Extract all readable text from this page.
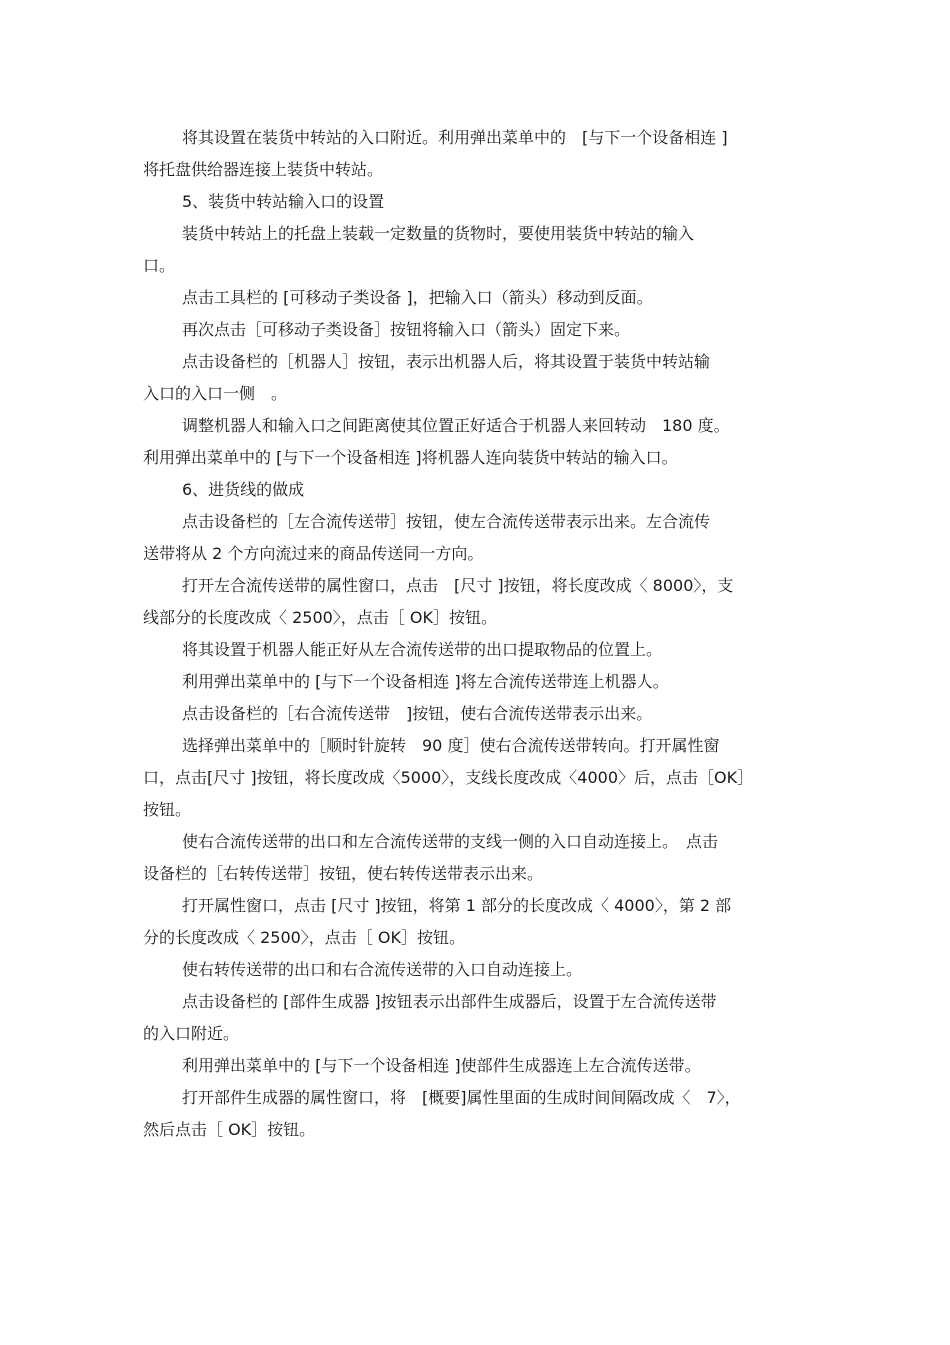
将其设置在装货中转站的入口附近。利用弹出菜单中的　[与下一个设备相连 ]
将托盘供给器连接上装货中转站。

5、装货中转站输入口的设置

装货中转站上的托盘上装载一定数量的货物时，要使用装货中转站的输入
口。

点击工具栏的 [可移动子类设备 ]，把输入口（箭头）移动到反面。

再次点击［可移动子类设备］按钮将输入口（箭头）固定下来。

点击设备栏的［机器人］按钮，表示出机器人后，将其设置于装货中转站输
入口的入口一侧　。

调整机器人和输入口之间距离使其位置正好适合于机器人来回转动　180 度。
利用弹出菜单中的 [与下一个设备相连 ]将机器人连向装货中转站的输入口。

6、进货线的做成

点击设备栏的［左合流传送带］按钮，使左合流传送带表示出来。左合流传
送带将从 2 个方向流过来的商品传送同一方向。

打开左合流传送带的属性窗口，点击　[尺寸 ]按钮，将长度改成〈 8000〉，支
线部分的长度改成〈 2500〉，点击［ OK］按钮。

将其设置于机器人能正好从左合流传送带的出口提取物品的位置上。

利用弹出菜单中的 [与下一个设备相连 ]将左合流传送带连上机器人。

点击设备栏的［右合流传送带　]按钮，使右合流传送带表示出来。

选择弹出菜单中的［顺时针旋转　90 度］使右合流传送带转向。打开属性窗
口，点击[尺寸 ]按钮，将长度改成〈5000〉，支线长度改成〈4000〉后，点击［OK］
按钮。

使右合流传送带的出口和左合流传送带的支线一侧的入口自动连接上。　点击
设备栏的［右转传送带］按钮，使右转传送带表示出来。

打开属性窗口，点击 [尺寸 ]按钮，将第 1 部分的长度改成〈 4000〉，第 2 部
分的长度改成〈 2500〉，点击［ OK］按钮。

使右转传送带的出口和右合流传送带的入口自动连接上。

点击设备栏的 [部件生成器 ]按钮表示出部件生成器后，设置于左合流传送带
的入口附近。

利用弹出菜单中的 [与下一个设备相连 ]使部件生成器连上左合流传送带。

打开部件生成器的属性窗口，将　[概要]属性里面的生成时间间隔改成〈　7〉，
然后点击［ OK］按钮。
